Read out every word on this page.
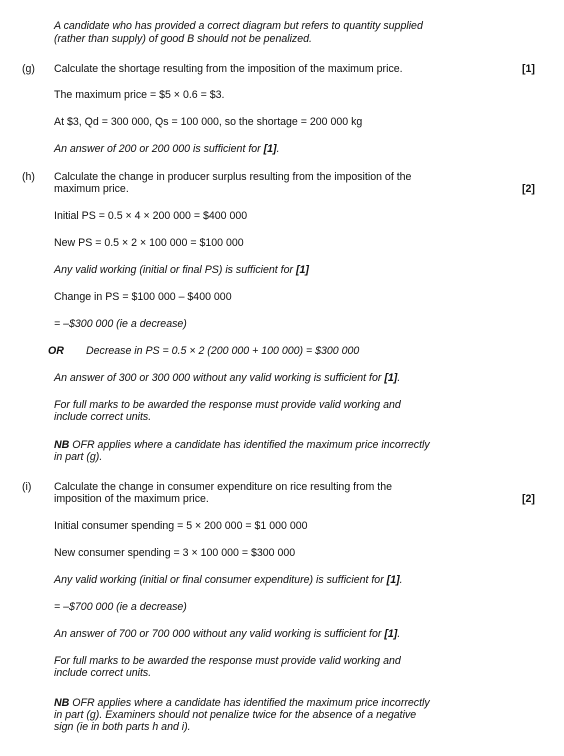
A candidate who has provided a correct diagram but refers to quantity supplied
(rather than supply) of good B should not be penalized.
(g) Calculate the shortage resulting from the imposition of the maximum price.	[1]
The maximum price = $5 × 0.6 = $3.
At $3, Qd = 300 000, Qs = 100 000, so the shortage = 200 000 kg
An answer of 200 or 200 000 is sufficient for [1].
(h) Calculate the change in producer surplus resulting from the imposition of the
maximum price.	[2]
Initial PS = 0.5 × 4 × 200 000 = $400 000
New PS = 0.5 × 2 × 100 000 = $100 000
Any valid working (initial or final PS) is sufficient for [1]
Change in PS = $100 000 – $400 000
= –$300 000 (ie a decrease)
OR Decrease in PS = 0.5 × 2 (200 000 + 100 000) = $300 000
An answer of 300 or 300 000 without any valid working is sufficient for [1].
For full marks to be awarded the response must provide valid working and
include correct units.
NB OFR applies where a candidate has identified the maximum price incorrectly
in part (g).
(i) Calculate the change in consumer expenditure on rice resulting from the
imposition of the maximum price.	[2]
Initial consumer spending = 5 × 200 000 = $1 000 000
New consumer spending = 3 × 100 000 = $300 000
Any valid working (initial or final consumer expenditure) is sufficient for [1].
= –$700 000 (ie a decrease)
An answer of 700 or 700 000 without any valid working is sufficient for [1].
For full marks to be awarded the response must provide valid working and
include correct units.
NB OFR applies where a candidate has identified the maximum price incorrectly
in part (g). Examiners should not penalize twice for the absence of a negative
sign (ie in both parts h and i).
